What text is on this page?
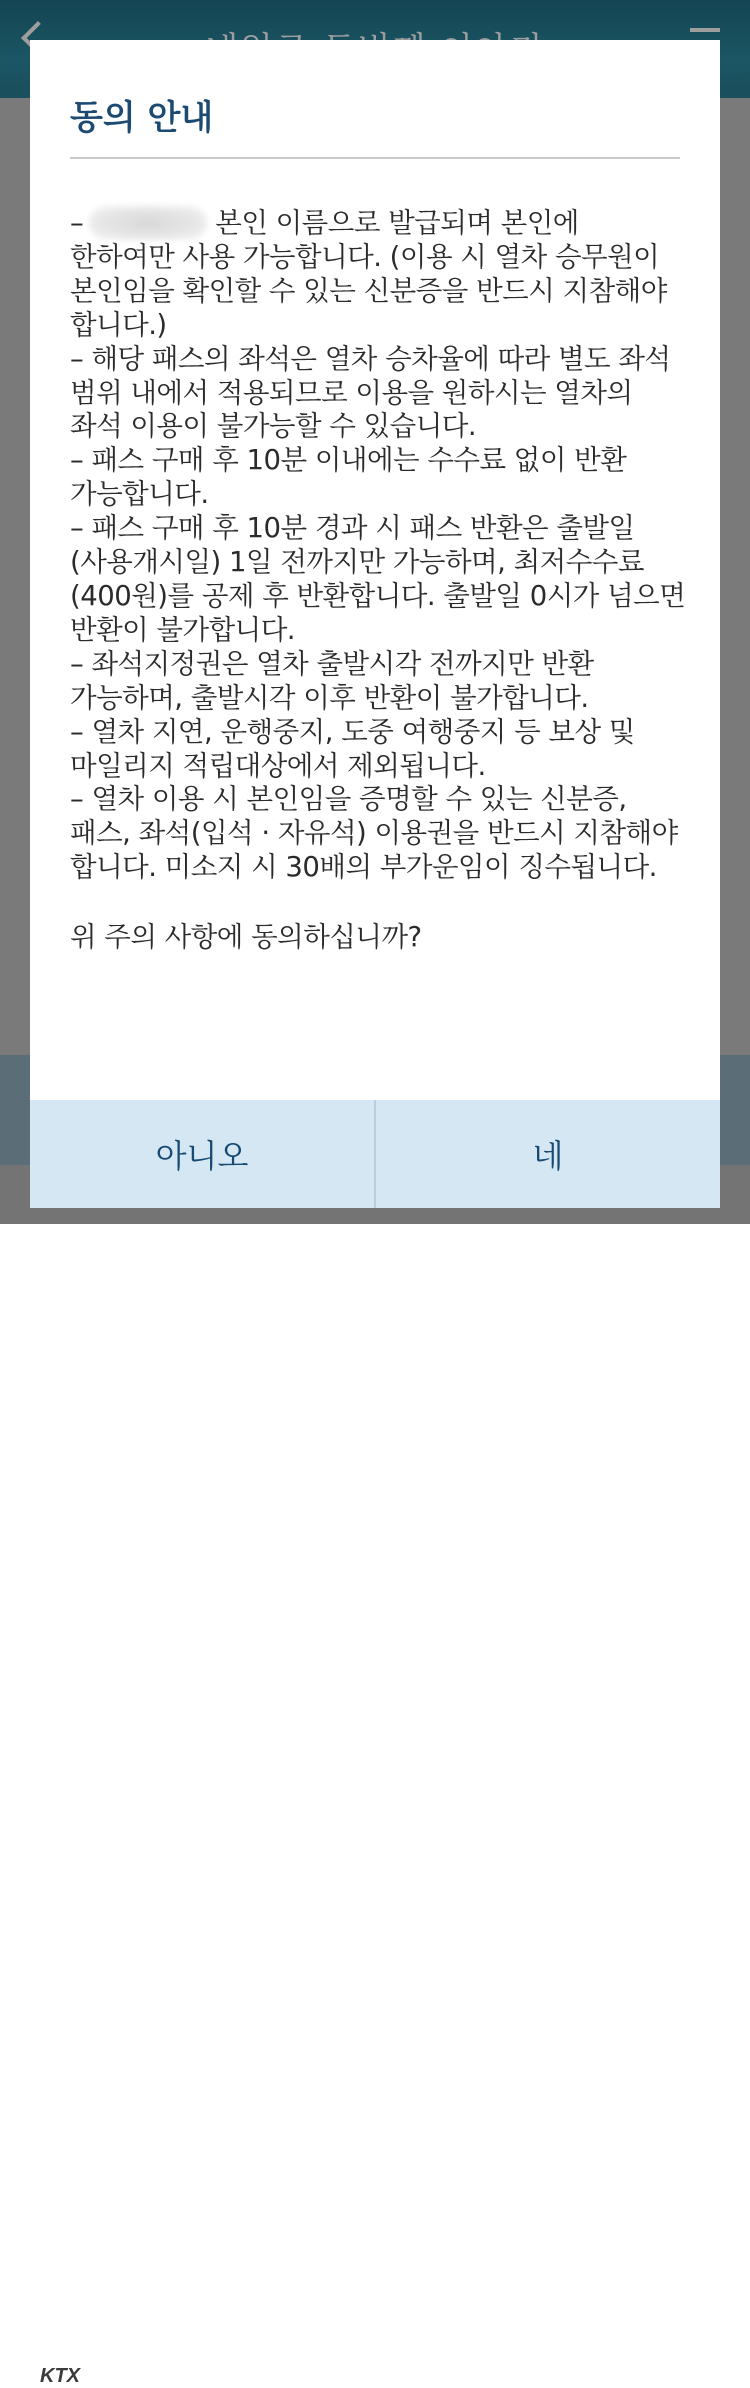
KTX
동의 안내
–	본인 이름으로 발급되며 본인에 한하여만 사용 가능합니다. (이용 시 열차 승무원이 본인임을 확인할 수 있는 신분증을 반드시 지참해야 합니다.)
– 해당 패스의 좌석은 열차 승차율에 따라 별도 좌석 범위 내에서 적용되므로 이용을 원하시는 열차의 좌석 이용이 불가능할 수 있습니다.
– 패스 구매 후 10분 이내에는 수수료 없이 반환 가능합니다.
– 패스 구매 후 10분 경과 시 패스 반환은 출발일(사용개시일) 1일 전까지만 가능하며, 최저수수료(400원)를 공제 후 반환합니다. 출발일 0시가 넘으면 반환이 불가합니다.
– 좌석지정권은 열차 출발시각 전까지만 반환 가능하며, 출발시각 이후 반환이 불가합니다.
– 열차 지연, 운행중지, 도중 여행중지 등 보상 및 마일리지 적립대상에서 제외됩니다.
– 열차 이용 시 본인임을 증명할 수 있는 신분증, 패스, 좌석(입석 · 자유석) 이용권을 반드시 지참해야 합니다. 미소지 시 30배의 부가운임이 징수됩니다.
위 주의 사항에 동의하십니까?
아니오	네
